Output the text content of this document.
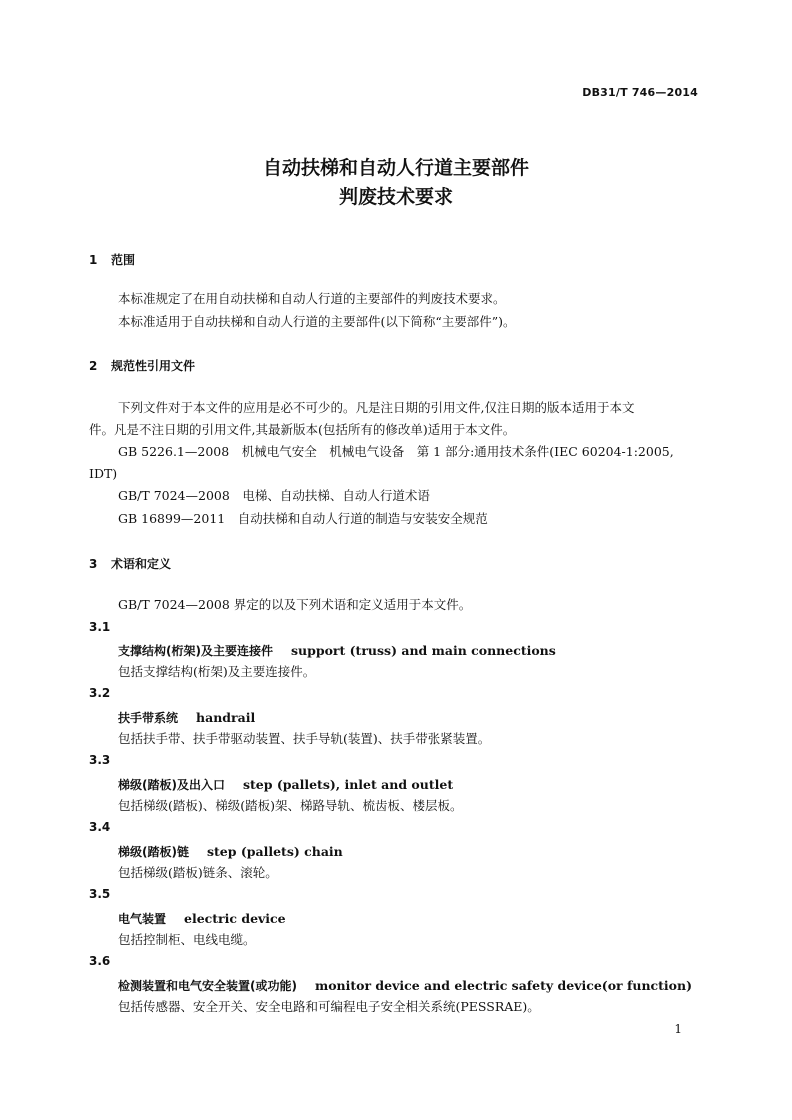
DB31/T 746—2014
自动扶梯和自动人行道主要部件
判废技术要求
1 范围
本标准规定了在用自动扶梯和自动人行道的主要部件的判废技术要求。
本标准适用于自动扶梯和自动人行道的主要部件(以下简称“主要部件”)。
2 规范性引用文件
下列文件对于本文件的应用是必不可少的。凡是注日期的引用文件,仅注日期的版本适用于本文
件。凡是不注日期的引用文件,其最新版本(包括所有的修改单)适用于本文件。
GB 5226.1—2008　机械电气安全　机械电气设备　第 1 部分:通用技术条件(IEC 60204-1:2005,
IDT)
GB/T 7024—2008　电梯、自动扶梯、自动人行道术语
GB 16899—2011　自动扶梯和自动人行道的制造与安装安全规范
3 术语和定义
GB/T 7024—2008 界定的以及下列术语和定义适用于本文件。
3.1
支撑结构(桁架)及主要连接件 support (truss) and main connections
包括支撑结构(桁架)及主要连接件。
3.2
扶手带系统 handrail
包括扶手带、扶手带驱动装置、扶手导轨(装置)、扶手带张紧装置。
3.3
梯级(踏板)及出入口 step (pallets), inlet and outlet
包括梯级(踏板)、梯级(踏板)架、梯路导轨、梳齿板、楼层板。
3.4
梯级(踏板)链 step (pallets) chain
包括梯级(踏板)链条、滚轮。
3.5
电气装置 electric device
包括控制柜、电线电缆。
3.6
检测装置和电气安全装置(或功能) monitor device and electric safety device(or function)
包括传感器、安全开关、安全电路和可编程电子安全相关系统(PESSRAE)。
1
